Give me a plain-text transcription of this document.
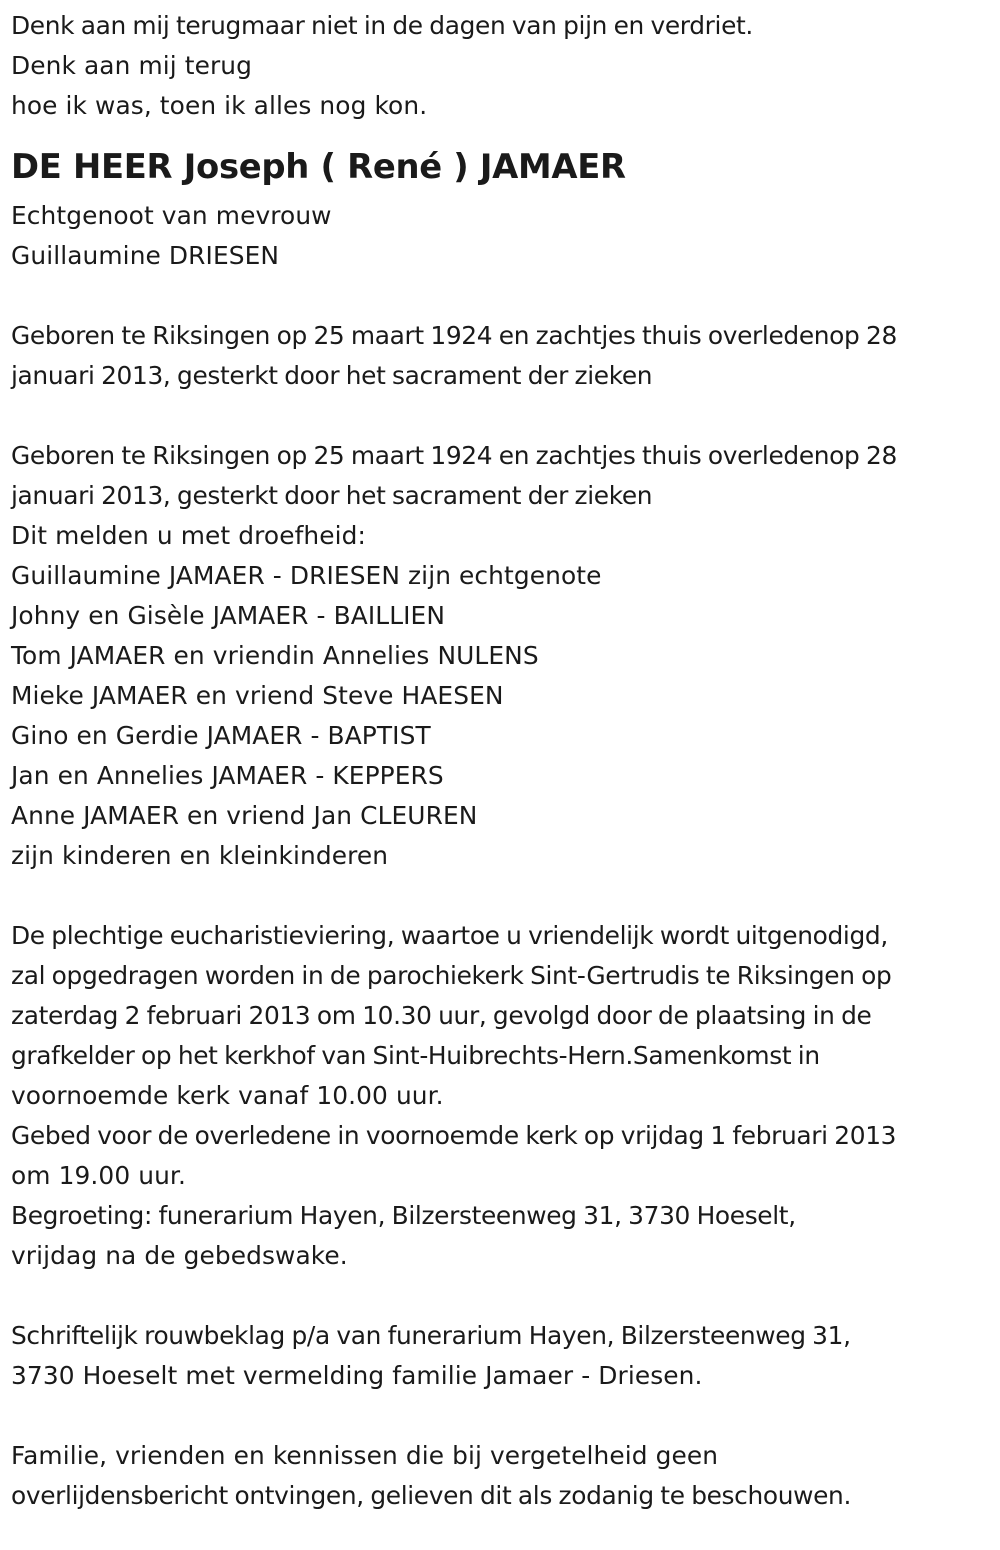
Denk aan mij terugmaar niet in de dagen van pijn en verdriet.
Denk aan mij terug
hoe ik was, toen ik alles nog kon.
DE HEER Joseph ( René ) JAMAER
Echtgenoot van mevrouw
Guillaumine DRIESEN
Geboren te Riksingen op 25 maart 1924 en zachtjes thuis overledenop 28
januari 2013, gesterkt door het sacrament der zieken
Geboren te Riksingen op 25 maart 1924 en zachtjes thuis overledenop 28
januari 2013, gesterkt door het sacrament der zieken
Dit melden u met droefheid:
Guillaumine JAMAER - DRIESEN zijn echtgenote
Johny en Gisèle JAMAER - BAILLIEN
Tom JAMAER en vriendin Annelies NULENS
Mieke JAMAER en vriend Steve HAESEN
Gino en Gerdie JAMAER - BAPTIST
Jan en Annelies JAMAER - KEPPERS
Anne JAMAER en vriend Jan CLEUREN
zijn kinderen en kleinkinderen
De plechtige eucharistieviering, waartoe u vriendelijk wordt uitgenodigd,
zal opgedragen worden in de parochiekerk Sint-Gertrudis te Riksingen op
zaterdag 2 februari 2013 om 10.30 uur, gevolgd door de plaatsing in de
grafkelder op het kerkhof van Sint-Huibrechts-Hern.Samenkomst in
voornoemde kerk vanaf 10.00 uur.
Gebed voor de overledene in voornoemde kerk op vrijdag 1 februari 2013
om 19.00 uur.
Begroeting: funerarium Hayen, Bilzersteenweg 31, 3730 Hoeselt,
vrijdag na de gebedswake.
Schriftelijk rouwbeklag p/a van funerarium Hayen, Bilzersteenweg 31,
3730 Hoeselt met vermelding familie Jamaer - Driesen.
Familie, vrienden en kennissen die bij vergetelheid geen
overlijdensbericht ontvingen, gelieven dit als zodanig te beschouwen.
